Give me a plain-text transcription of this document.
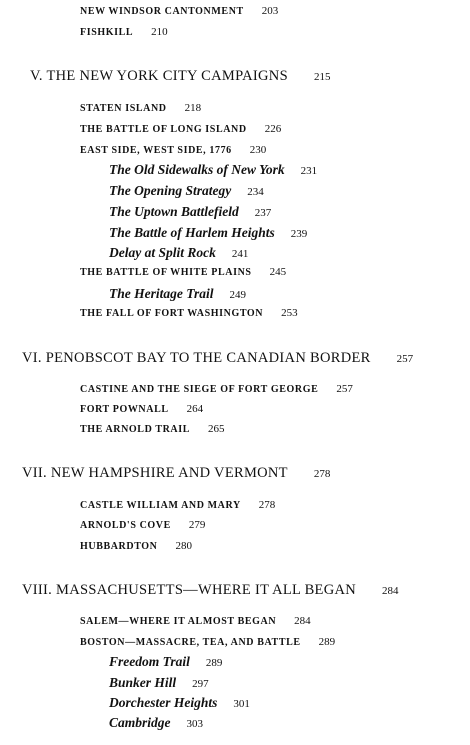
NEW WINDSOR CANTONMENT 203
FISHKILL 210
V. THE NEW YORK CITY CAMPAIGNS 215
STATEN ISLAND 218
THE BATTLE OF LONG ISLAND 226
EAST SIDE, WEST SIDE, 1776 230
The Old Sidewalks of New York 231
The Opening Strategy 234
The Uptown Battlefield 237
The Battle of Harlem Heights 239
Delay at Split Rock 241
THE BATTLE OF WHITE PLAINS 245
The Heritage Trail 249
THE FALL OF FORT WASHINGTON 253
VI. PENOBSCOT BAY TO THE CANADIAN BORDER 257
CASTINE AND THE SIEGE OF FORT GEORGE 257
FORT POWNALL 264
THE ARNOLD TRAIL 265
VII. NEW HAMPSHIRE AND VERMONT 278
CASTLE WILLIAM AND MARY 278
ARNOLD'S COVE 279
HUBBARDTON 280
VIII. MASSACHUSETTS—WHERE IT ALL BEGAN 284
SALEM—WHERE IT ALMOST BEGAN 284
BOSTON—MASSACRE, TEA, AND BATTLE 289
Freedom Trail 289
Bunker Hill 297
Dorchester Heights 301
Cambridge 303
